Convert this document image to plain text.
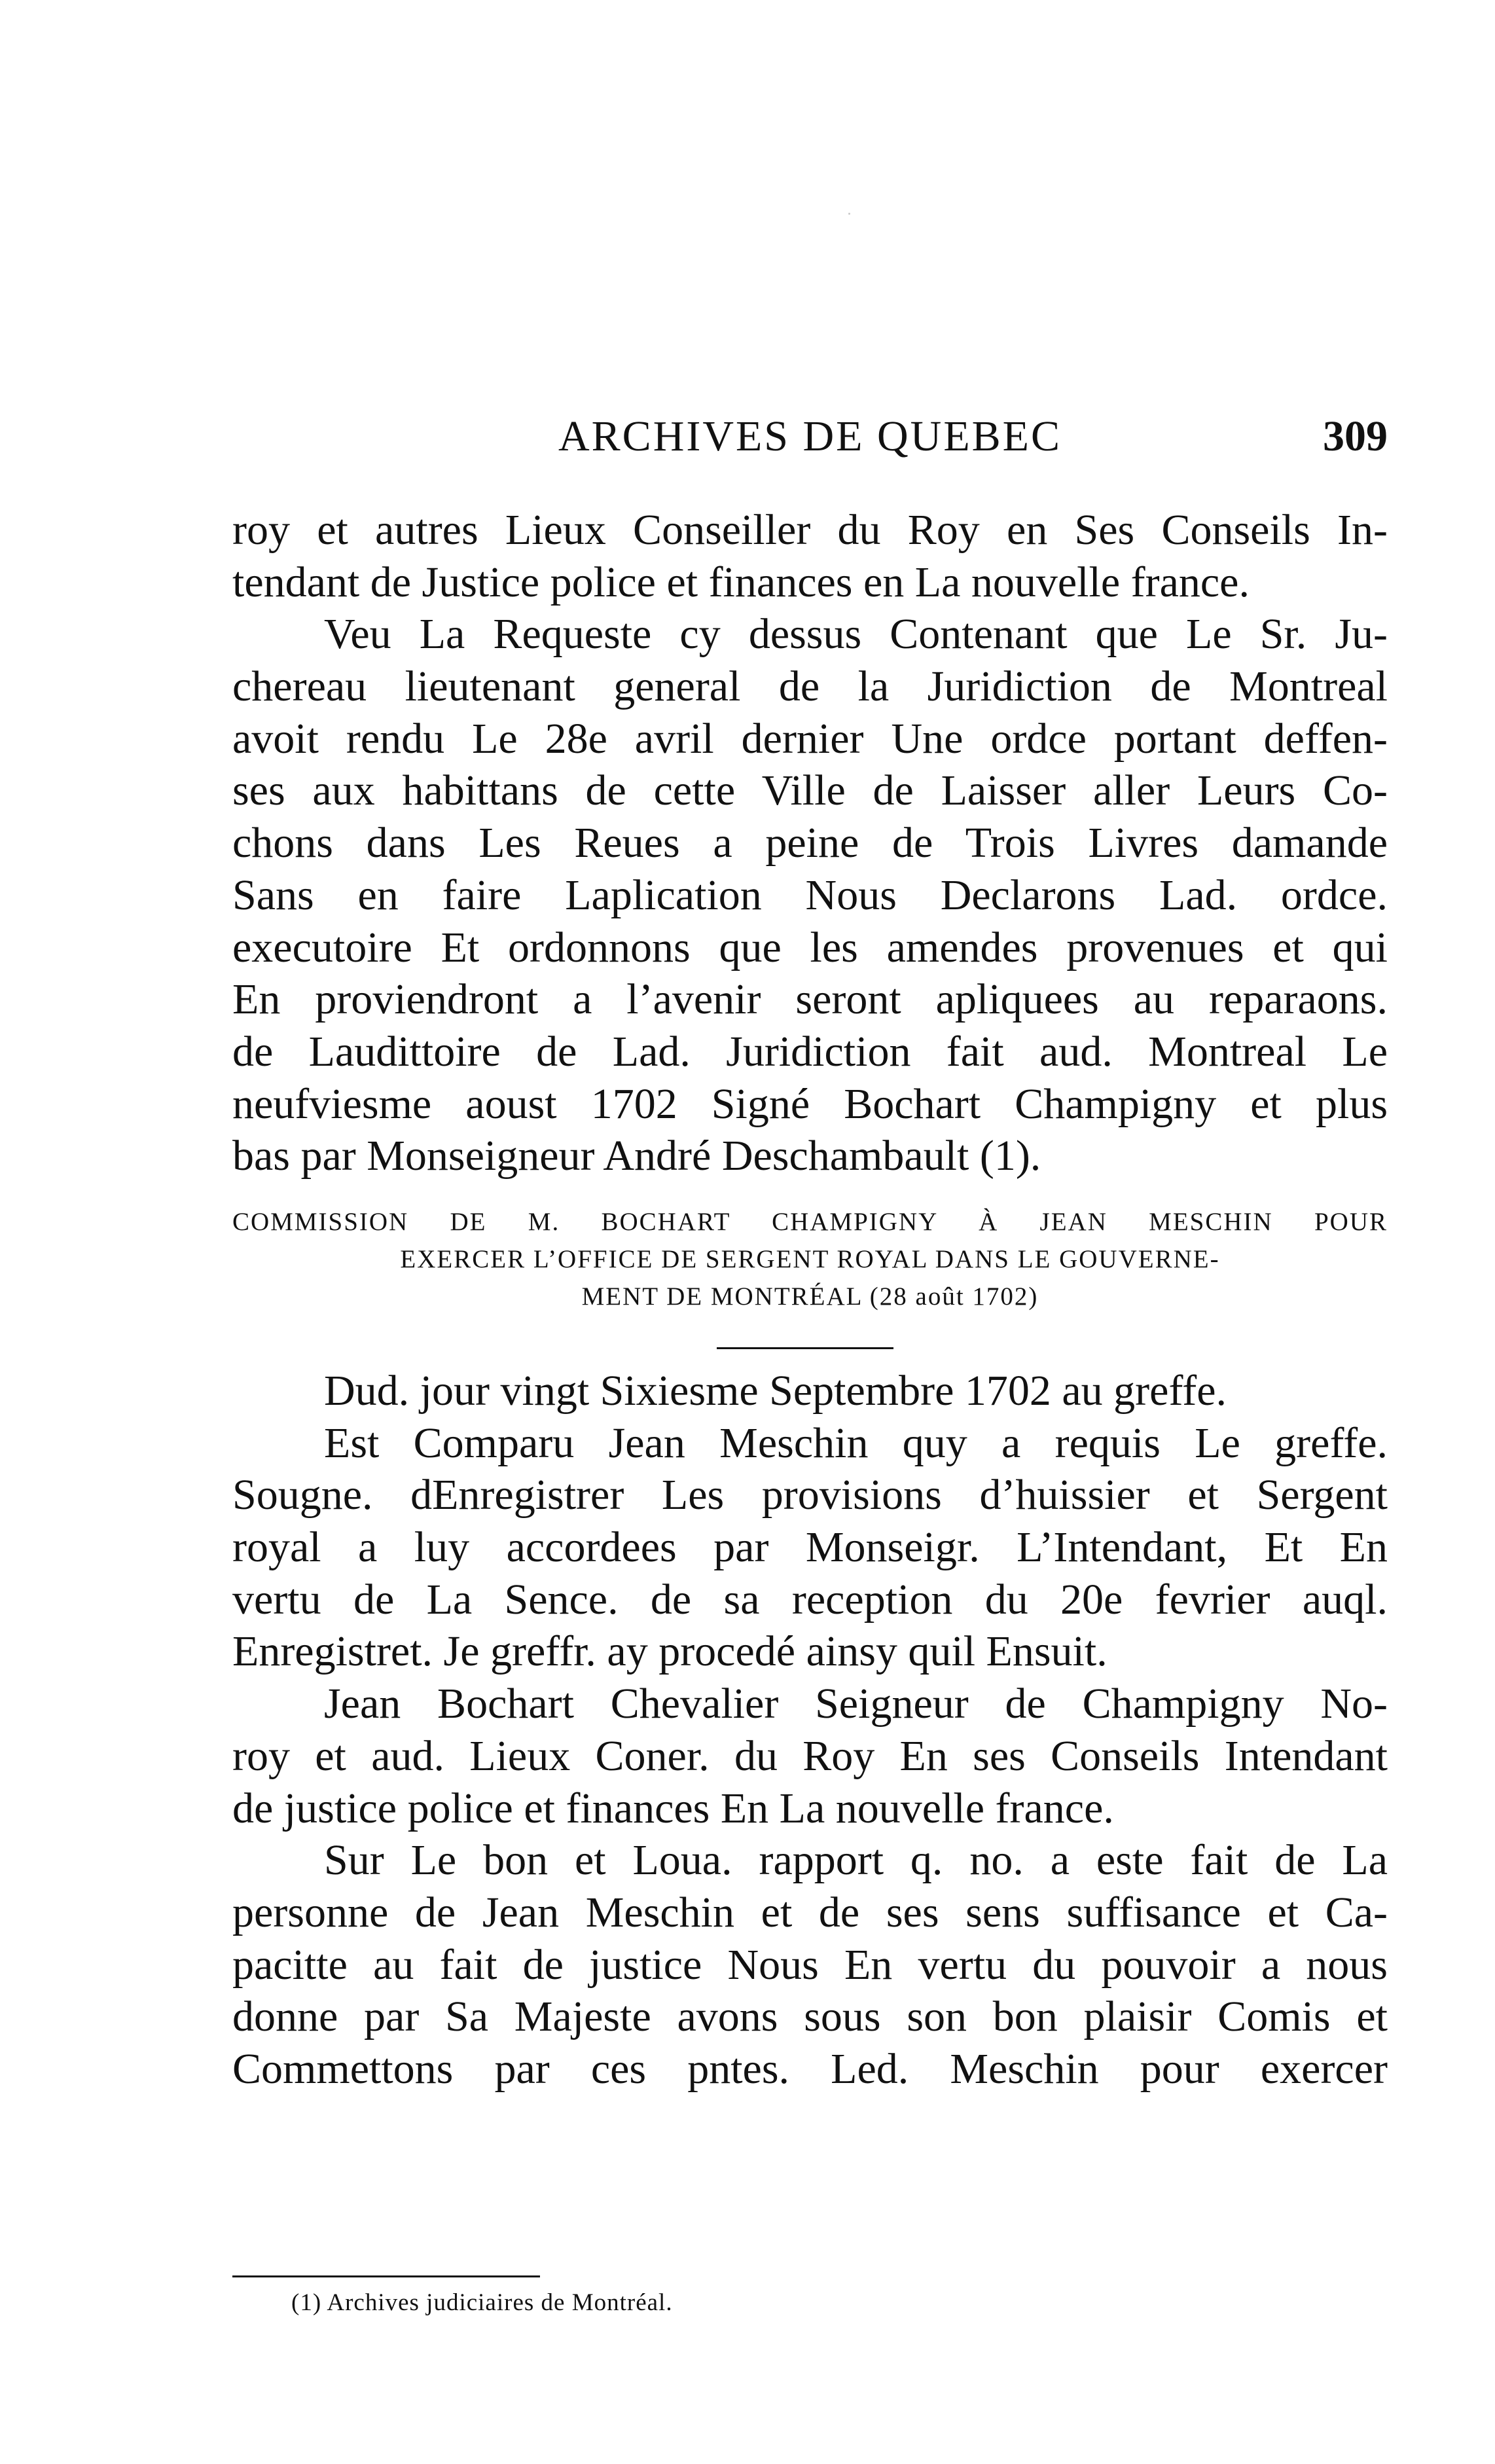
ARCHIVES DE QUEBEC	309
roy et autres Lieux Conseiller du Roy en Ses Conseils In-
tendant de Justice police et finances en La nouvelle france.
Veu La Requeste cy dessus Contenant que Le Sr. Ju-
chereau lieutenant general de la Juridiction de Montreal
avoit rendu Le 28e avril dernier Une ordce portant deffen-
ses aux habittans de cette Ville de Laisser aller Leurs Co-
chons dans Les Reues a peine de Trois Livres damande
Sans en faire Laplication Nous Declarons Lad. ordce.
executoire Et ordonnons que les amendes provenues et qui
En proviendront a l’avenir seront apliquees au reparaons.
de Laudittoire de Lad. Juridiction fait aud. Montreal Le
neufviesme aoust 1702 Signé Bochart Champigny et plus
bas par Monseigneur André Deschambault (1).
COMMISSION DE M. BOCHART CHAMPIGNY À JEAN MESCHIN POUR
EXERCER L’OFFICE DE SERGENT ROYAL DANS LE GOUVERNE-
MENT DE MONTRÉAL (28 août 1702)
Dud. jour vingt Sixiesme Septembre 1702 au greffe.
Est Comparu Jean Meschin quy a requis Le greffe.
Sougne. dEnregistrer Les provisions d’huissier et Sergent
royal a luy accordees par Monseigr. L’Intendant, Et En
vertu de La Sence. de sa reception du 20e fevrier auql.
Enregistret. Je greffr. ay procedé ainsy quil Ensuit.
Jean Bochart Chevalier Seigneur de Champigny No-
roy et aud. Lieux Coner. du Roy En ses Conseils Intendant
de justice police et finances En La nouvelle france.
Sur Le bon et Loua. rapport q. no. a este fait de La
personne de Jean Meschin et de ses sens suffisance et Ca-
pacitte au fait de justice Nous En vertu du pouvoir a nous
donne par Sa Majeste avons sous son bon plaisir Comis et
Commettons par ces pntes. Led. Meschin pour exercer
(1) Archives judiciaires de Montréal.
